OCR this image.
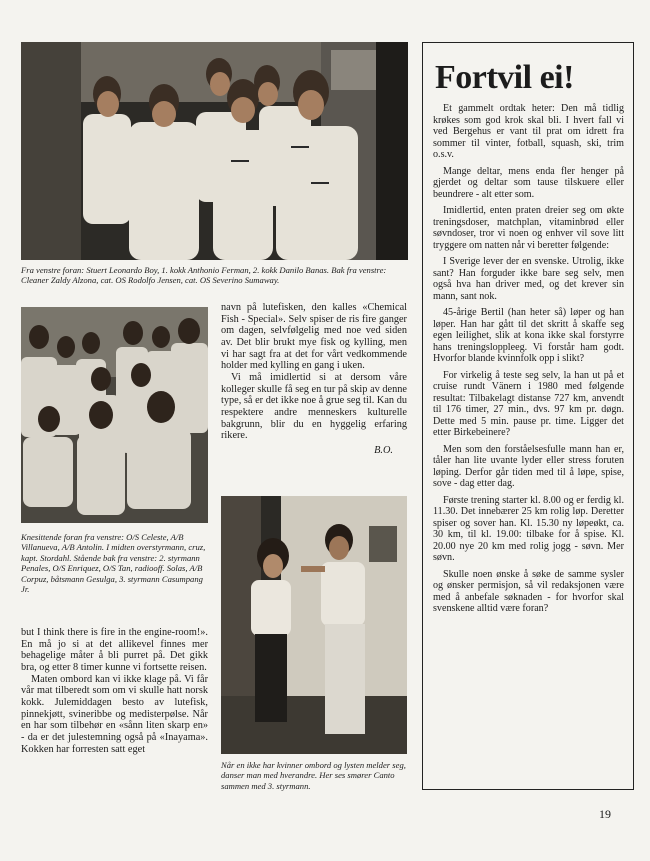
Fra venstre foran: Stuert Leonardo Boy, 1. kokk Anthonio Ferman, 2. kokk Danilo Banas. Bak fra venstre: Cleaner Zaldy Alzona, cat. OS Rodolfo Jensen, cat. OS Severino Sumaway.

Knesittende foran fra venstre: O/S Celeste, A/B Villanueva, A/B Antolin. I midten overstyrmann, cruz, kapt. Stordahl. Stående bak fra venstre: 2. styrmann Penales, O/S Enriquez, O/S Tan, radiooff. Solas, A/B Corpuz, båtsmann Gesulga, 3. styrmann Casumpang Jr.

but I think there is fire in the engine-room!». En må jo si at det allikevel finnes mer behagelige måter å bli purret på. Det gikk bra, og etter 8 timer kunne vi fortsette reisen.

Maten ombord kan vi ikke klage på. Vi får vår mat tilberedt som om vi skulle hatt norsk kokk. Julemiddagen besto av lutefisk, pinnekjøtt, svineribbe og medisterpølse. Når en har som tilbehør en «sånn liten skarp en» - da er det julestemning også på «Inayama». Kokken har forresten satt eget

navn på lutefisken, den kalles «Chemical Fish - Special». Selv spiser de ris fire ganger om dagen, selvfølgelig med noe ved siden av. Det blir brukt mye fisk og kylling, men vi har sagt fra at det for vårt vedkommende holder med kylling en gang i uken.

Vi må imidlertid si at dersom våre kolleger skulle få seg en tur på skip av denne type, så er det ikke noe å grue seg til. Kan du respektere andre menneskers kulturelle bakgrunn, blir du en hyggelig erfaring rikere.

B.O.

Når en ikke har kvinner ombord og lysten melder seg, danser man med hverandre. Her ses smører Canto sammen med 3. styrmann.

Fortvil ei!

Et gammelt ordtak heter: Den må tidlig krøkes som god krok skal bli. I hvert fall vi ved Bergehus er vant til prat om idrett fra sommer til vinter, fotball, squash, ski, trim o.s.v.

Mange deltar, mens enda fler henger på gjerdet og deltar som tause tilskuere eller beundrere - alt etter som.

Imidlertid, enten praten dreier seg om økte treningsdoser, matchplan, vitaminbrød eller søvndoser, tror vi noen og enhver vil sove litt tryggere om natten når vi beretter følgende:

I Sverige lever der en svenske. Utrolig, ikke sant? Han forguder ikke bare seg selv, men også hva han driver med, og det krever sin mann, sant nok.

45-årige Bertil (han heter så) løper og han løper. Han har gått til det skritt å skaffe seg egen leilighet, slik at kona ikke skal forstyrre hans treningsloppleeg. Vi forstår ham godt. Hvorfor blande kvinnfolk opp i slikt?

For virkelig å teste seg selv, la han ut på et cruise rundt Vänern i 1980 med følgende resultat: Tilbakelagt distanse 727 km, anvendt til 176 timer, 27 min., dvs. 97 km pr. døgn. Dette med 5 min. pause pr. time. Ligger det etter Birkebeinere?

Men som den forståelsesfulle mann han er, tåler han lite uvante lyder eller stress foruten løping. Derfor går tiden med til å løpe, spise, sove - dag etter dag.

Første trening starter kl. 8.00 og er ferdig kl. 11.30. Det innebærer 25 km rolig løp. Deretter spiser og sover han. Kl. 15.30 ny løpeøkt, ca. 30 km, til kl. 19.00: tilbake for å spise. Kl. 20.00 nye 20 km med rolig jogg - søvn. Mer søvn.

Skulle noen ønske å søke de samme sysler og ønsker permisjon, så vil redaksjonen være med å anbefale søknaden - for hvorfor skal svenskene alltid være foran?

19
